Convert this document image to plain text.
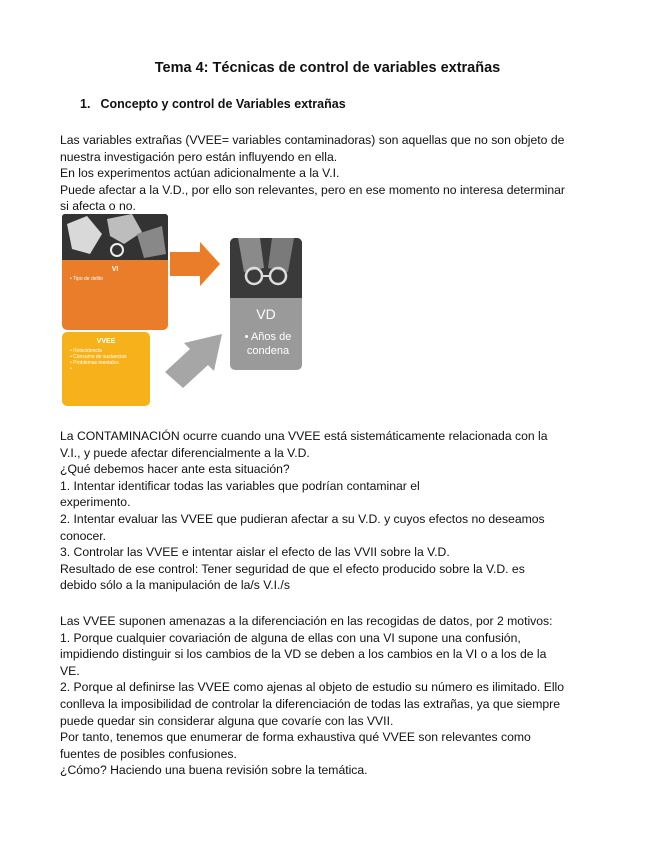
Tema 4: Técnicas de control de variables extrañas
1. Concepto y control de Variables extrañas

Las variables extrañas (VVEE= variables contaminadoras) son aquellas que no son objeto de

nuestra investigación pero están influyendo en ella.

En los experimentos actúan adicionalmente a la V.I.

Puede afectar a la V.D., por ello son relevantes, pero en ese momento no interesa determinar

si afecta o no.

VI
• Tipo de delito
VVEE
• Reincidencia
• Consumo de sustancias
• Problemas mentales
•
VD
• Años de condena

La CONTAMINACIÓN ocurre cuando una VVEE está sistemáticamente relacionada con la

V.I., y puede afectar diferencialmente a la V.D.

¿Qué debemos hacer ante esta situación?

1. Intentar identificar todas las variables que podrían contaminar el

experimento.

2. Intentar evaluar las VVEE que pudieran afectar a su V.D. y cuyos efectos no deseamos

conocer.

3. Controlar las VVEE e intentar aislar el efecto de las VVII sobre la V.D.

Resultado de ese control: Tener seguridad de que el efecto producido sobre la V.D. es

debido sólo a la manipulación de la/s V.I./s

Las VVEE suponen amenazas a la diferenciación en las recogidas de datos, por 2 motivos:

1. Porque cualquier covariación de alguna de ellas con una VI supone una confusión,

impidiendo distinguir si los cambios de la VD se deben a los cambios en la VI o a los de la

VE.

2. Porque al definirse las VVEE como ajenas al objeto de estudio su número es ilimitado. Ello

conlleva la imposibilidad de controlar la diferenciación de todas las extrañas, ya que siempre

puede quedar sin considerar alguna que covaríe con las VVII.

Por tanto, tenemos que enumerar de forma exhaustiva qué VVEE son relevantes como

fuentes de posibles confusiones.

¿Cómo? Haciendo una buena revisión sobre la temática.
